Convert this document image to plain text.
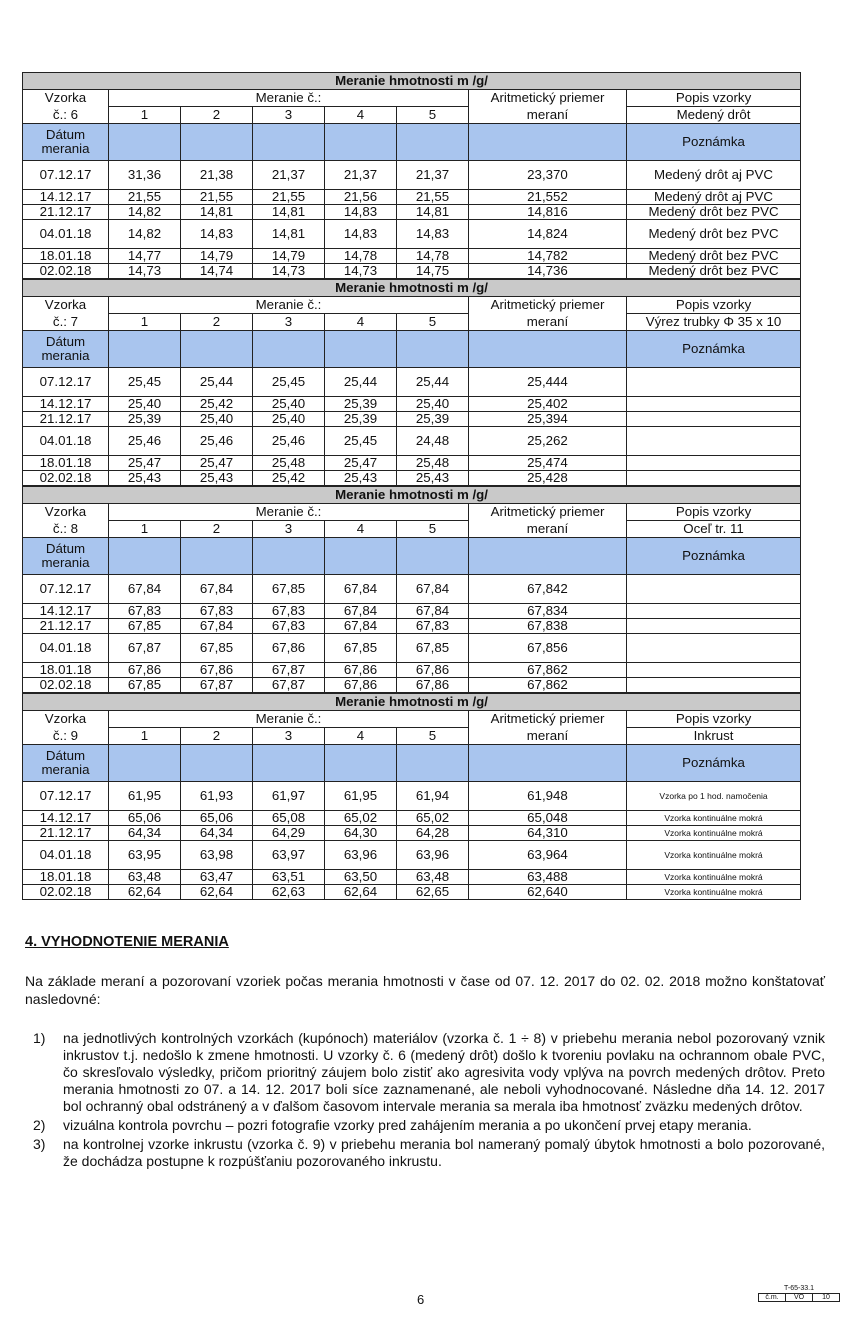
Meranie hmotnosti m /g/							
Vzorka	Meranie č.:					Aritmetický priemer	Popis vzorky
č.: 6	1	2	3	4	5	meraní	Medený drôt

Dátum
merania							Poznámka
07.12.17	31,36	21,38	21,37	21,37	21,37	23,370	Medený drôt aj PVC
14.12.17	21,55	21,55	21,55	21,56	21,55	21,552	Medený drôt aj PVC
21.12.17	14,82	14,81	14,81	14,83	14,81	14,816	Medený drôt bez PVC
04.01.18	14,82	14,83	14,81	14,83	14,83	14,824	Medený drôt bez PVC
18.01.18	14,77	14,79	14,79	14,78	14,78	14,782	Medený drôt bez PVC
02.02.18	14,73	14,74	14,73	14,73	14,75	14,736	Medený drôt bez PVC
Meranie hmotnosti m /g/							
Vzorka	Meranie č.:					Aritmetický priemer	Popis vzorky
č.: 7	1	2	3	4	5	meraní	Výrez trubky Φ 35 x 10

Dátum
merania							Poznámka
07.12.17	25,45	25,44	25,45	25,44	25,44	25,444	
14.12.17	25,40	25,42	25,40	25,39	25,40	25,402	
21.12.17	25,39	25,40	25,40	25,39	25,39	25,394	
04.01.18	25,46	25,46	25,46	25,45	24,48	25,262	
18.01.18	25,47	25,47	25,48	25,47	25,48	25,474	
02.02.18	25,43	25,43	25,42	25,43	25,43	25,428	
Meranie hmotnosti m /g/							
Vzorka	Meranie č.:					Aritmetický priemer	Popis vzorky
č.: 8	1	2	3	4	5	meraní	Oceľ tr. 11

Dátum
merania							Poznámka
07.12.17	67,84	67,84	67,85	67,84	67,84	67,842	
14.12.17	67,83	67,83	67,83	67,84	67,84	67,834	
21.12.17	67,85	67,84	67,83	67,84	67,83	67,838	
04.01.18	67,87	67,85	67,86	67,85	67,85	67,856	
18.01.18	67,86	67,86	67,87	67,86	67,86	67,862	
02.02.18	67,85	67,87	67,87	67,86	67,86	67,862	
Meranie hmotnosti m /g/							
Vzorka	Meranie č.:					Aritmetický priemer	Popis vzorky
č.: 9	1	2	3	4	5	meraní	Inkrust

Dátum
merania							Poznámka
07.12.17	61,95	61,93	61,97	61,95	61,94	61,948	Vzorka po 1 hod. namočenia
14.12.17	65,06	65,06	65,08	65,02	65,02	65,048	Vzorka kontinuálne mokrá
21.12.17	64,34	64,34	64,29	64,30	64,28	64,310	Vzorka kontinuálne mokrá
04.01.18	63,95	63,98	63,97	63,96	63,96	63,964	Vzorka kontinuálne mokrá
18.01.18	63,48	63,47	63,51	63,50	63,48	63,488	Vzorka kontinuálne mokrá
02.02.18	62,64	62,64	62,63	62,64	62,65	62,640	Vzorka kontinuálne mokrá
4. VYHODNOTENIE MERANIA
Na základe meraní a pozorovaní vzoriek počas merania hmotnosti v čase od 07. 12. 2017 do 02. 02. 2018 možno konštatovať nasledovné:
1)	na jednotlivých kontrolných vzorkách (kupónoch) materiálov (vzorka č. 1 ÷ 8) v priebehu merania nebol pozorovaný vznik inkrustov t.j. nedošlo k zmene hmotnosti. U vzorky č. 6 (medený drôt) došlo k tvoreniu povlaku na ochrannom obale PVC, čo skresľovalo výsledky, pričom prioritný záujem bolo zistiť ako agresivita vody vplýva na povrch medených drôtov. Preto merania hmotnosti zo 07. a 14. 12. 2017 boli síce zaznamenané, ale neboli vyhodnocované. Následne dňa 14. 12. 2017 bol ochranný obal odstránený a v ďalšom časovom intervale merania sa merala iba hmotnosť zväzku medených drôtov.
2)	vizuálna kontrola povrchu – pozri fotografie vzorky pred zahájením merania a po ukončení prvej etapy merania.
3)	na kontrolnej vzorke inkrustu (vzorka č. 9) v priebehu merania bol nameraný pomalý úbytok hmotnosti a bolo pozorované, že dochádza postupne k rozpúšťaniu pozorovaného inkrustu.
6
T-65-33.1
č.m.	VO	10
